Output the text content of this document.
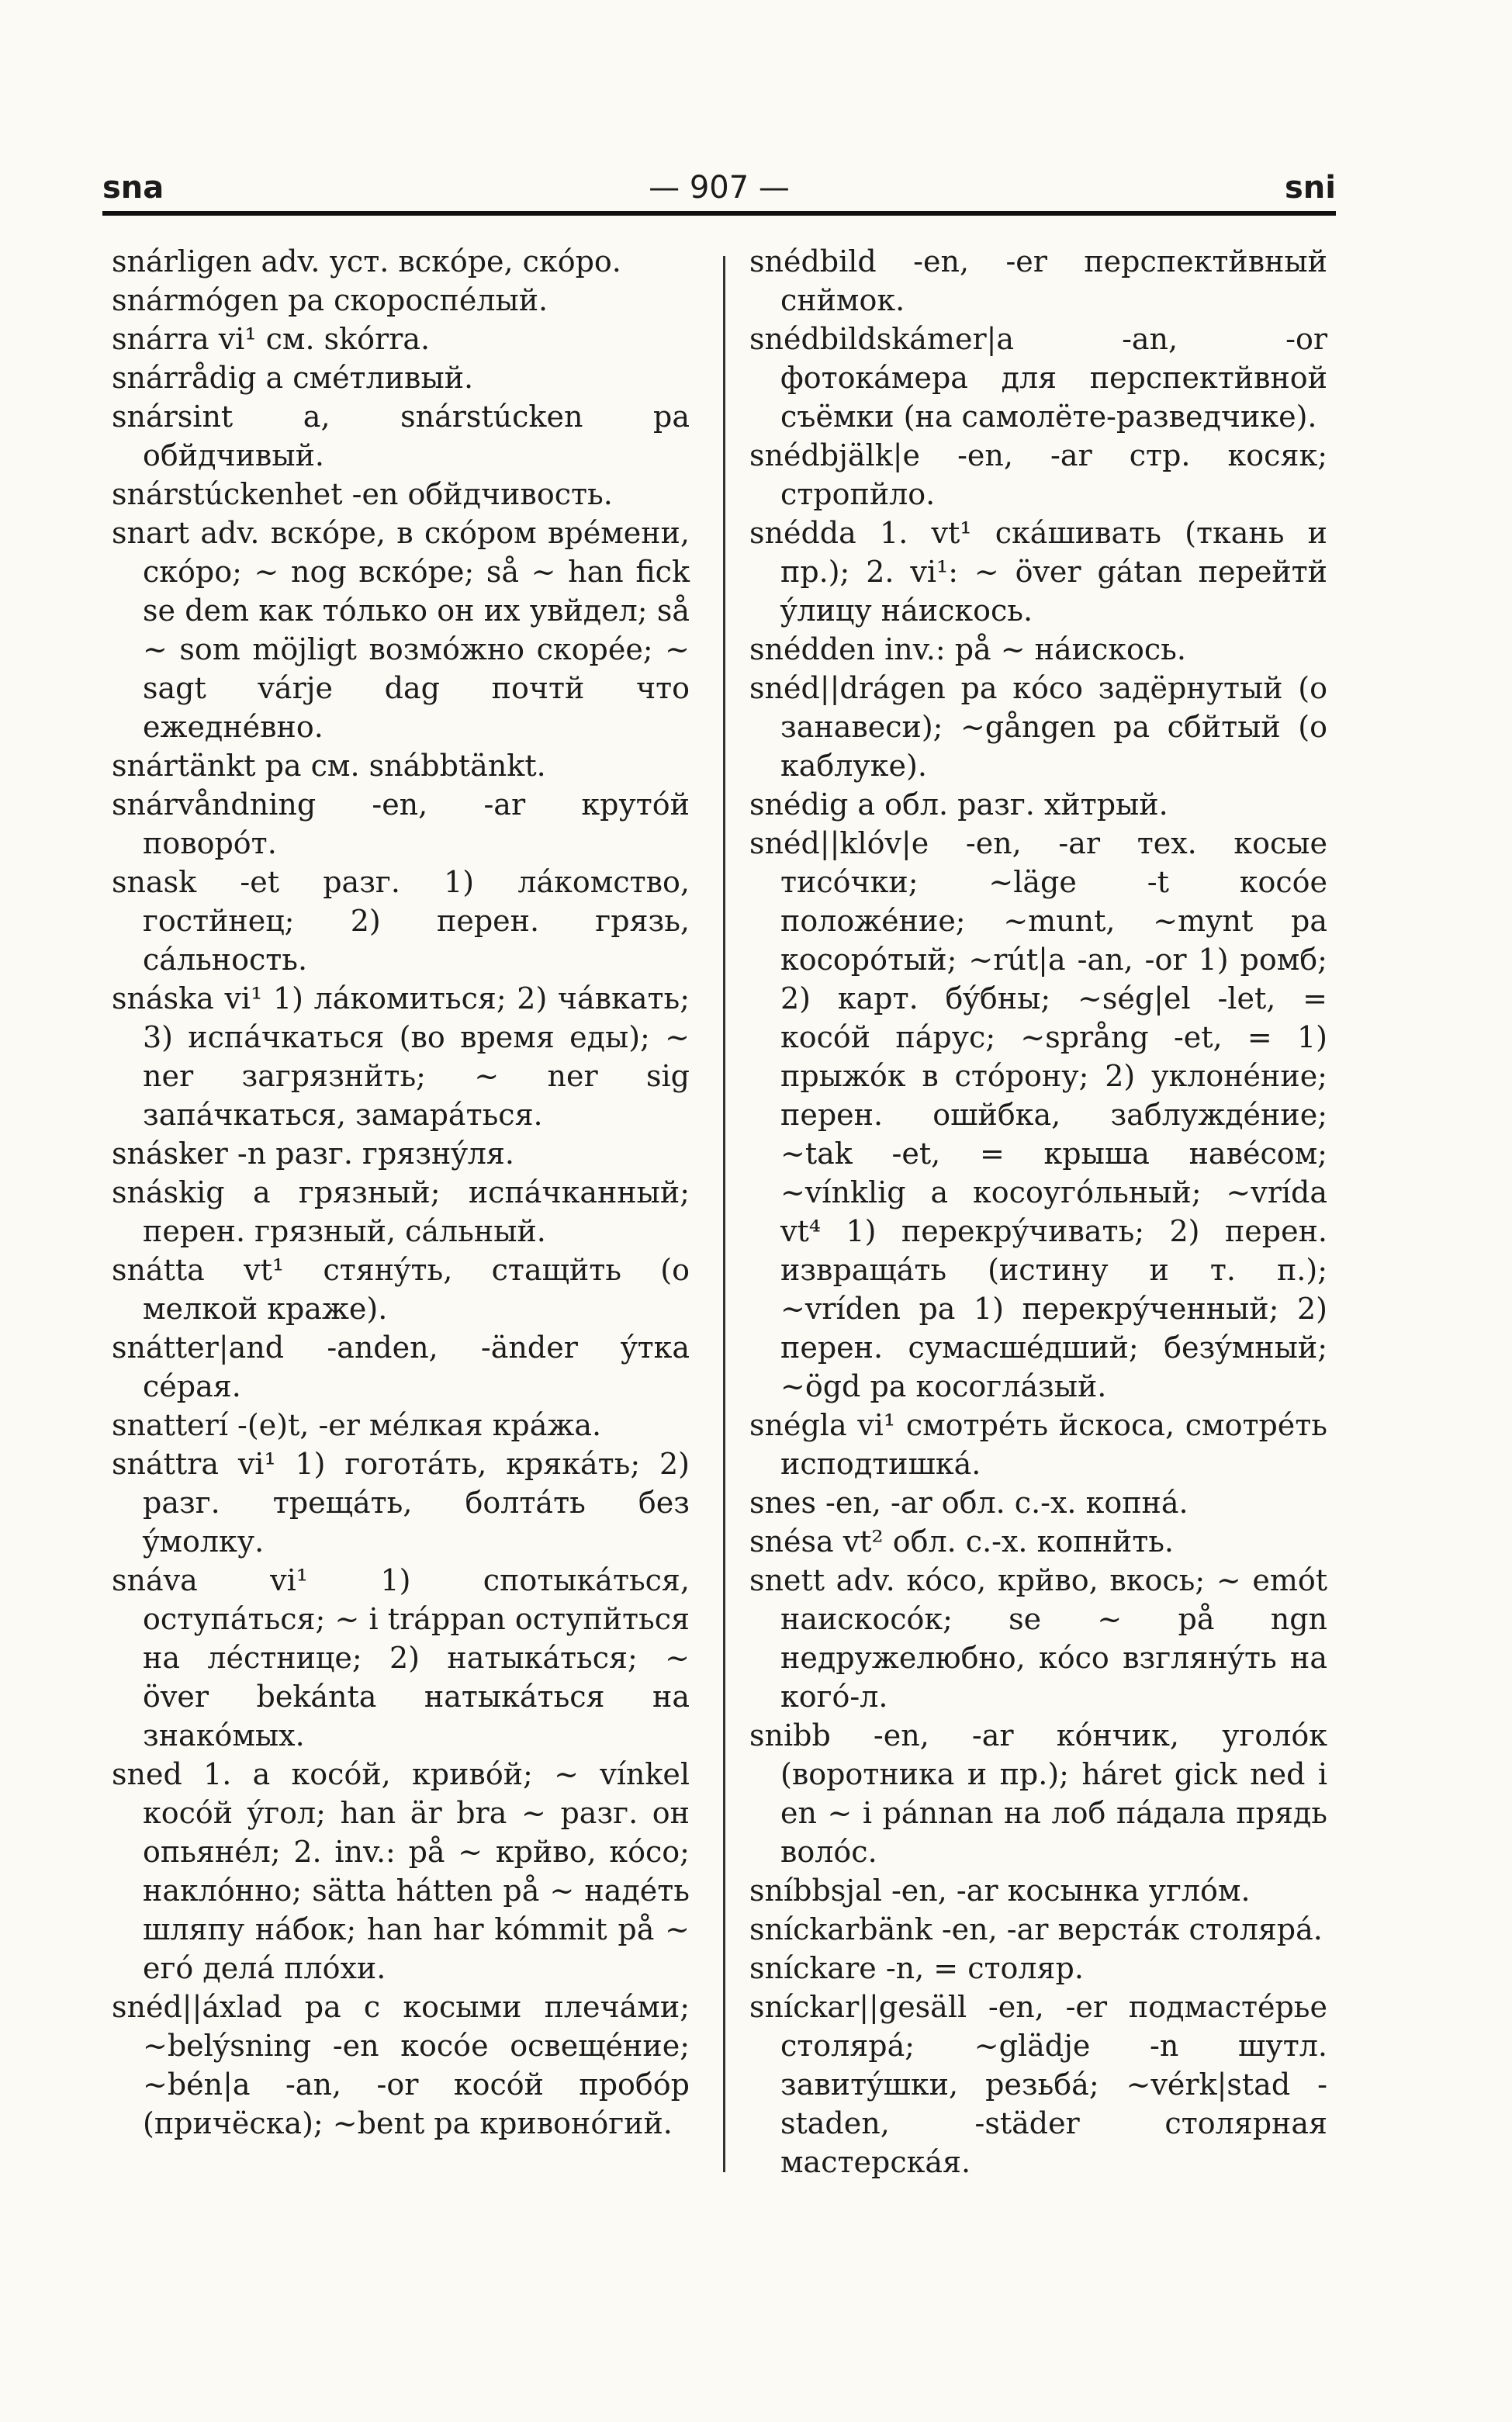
sna	— 907 —	sni

snárligen adv. уст. вскóре, скóро.

snármógen pa скороспéлый.

snárra vi¹ см. skórra.

snárrådig a смéтливый.

snársint a, snárstúcken pa обйдчивый.

snárstúckenhet -en обйдчивость.

snart adv. вскóре, в скóром врéмени, скóро; ~ nog вскóре; så ~ han fick se dem как тóлько он их увйдел; så ~ som möjligt возмóжно скорéе; ~ sagt várje dag почтй что ежеднéвно.

snártänkt pa см. snábbtänkt.

snárvåndning -en, -ar крутóй поворóт.

snask -et разг. 1) лáкомство, гостйнец; 2) перен. грязь, сáльность.

snáska vi¹ 1) лáкомиться; 2) чáвкать; 3) испáчкаться (во время еды); ~ ner загрязнйть; ~ ner sig запáчкаться, замарáться.

snásker -n разг. грязнýля.

snáskig a грязный; испáчканный; перен. грязный, сáльный.

snátta vt¹ стянýть, стащйть (о мелкой краже).

snátter|and -anden, -änder ýтка сéрая.

snatterí -(e)t, -er мéлкая крáжа.

snáttra vi¹ 1) гоготáть, крякáть; 2) разг. трещáть, болтáть без ýмолку.

snáva vi¹ 1) спотыкáться, оступáться; ~ i tráppan оступйться на лéстнице; 2) натыкáться; ~ över bekánta натыкáться на знакóмых.

sned 1. a косóй, кривóй; ~ vínkel косóй ýгол; han är bra ~ разг. он опьянéл; 2. inv.: på ~ крйво, кóсо; наклóнно; sätta hátten på ~ надéть шляпу нáбок; han har kómmit på ~ егó делá плóхи.

snéd||áxlad pa с косыми плечáми; ~belýsning -en косóе освещéние; ~bén|a -an, -or косóй пробóр (причёска); ~bent pa кривонóгий.

snédbild -en, -er перспектйвный снймок.

snédbildskámer|a -an, -or фотокáмера для перспектйвной съёмки (на самолёте-разведчике).

snédbjälk|e -en, -ar стр. косяк; стропйло.

snédda 1. vt¹ скáшивать (ткань и пр.); 2. vi¹: ~ över gátan перейтй ýлицу нáискось.

snédden inv.: på ~ нáискось.

snéd||drágen pa кóсо задёрнутый (о занавеси); ~gången pa сбйтый (о каблуке).

snédig a обл. разг. хйтрый.

snéd||klóv|e -en, -ar тех. косые тисóчки; ~läge -t косóе положéние; ~munt, ~mynt pa косорóтый; ~rút|a -an, -or 1) ромб; 2) карт. бýбны; ~ség|el -let, = косóй пáрус; ~språng -et, = 1) прыжóк в стóрону; 2) уклонéние; перен. ошйбка, заблуждéние; ~tak -et, = крыша навéсом; ~vínklig a косоугóльный; ~vrída vt⁴ 1) перекрýчивать; 2) перен. извращáть (истину и т. п.); ~vríden pa 1) перекрýченный; 2) перен. сумасшéдший; безýмный; ~ögd pa косоглáзый.

snégla vi¹ смотрéть йскоса, смотрéть исподтишкá.

snes -en, -ar обл. с.-х. копнá.

snésa vt² обл. с.-х. копнйть.

snett adv. кóсо, крйво, вкось; ~ emót наискосóк; se ~ på ngn недружелюбно, кóсо взглянýть на когó-л.

snibb -en, -ar кóнчик, уголóк (воротника и пр.); háret gick ned i en ~ i pánnan на лоб пáдала прядь волóс.

sníbbsjal -en, -ar косынка углóм.

sníckarbänk -en, -ar верстáк столярá.

sníckare -n, = столяр.

sníckar||gesäll -en, -er подмастéрье столярá; ~glädje -n шутл. завитýшки, резьбá; ~vérk|stad -staden, -städer столярная мастерскáя.
